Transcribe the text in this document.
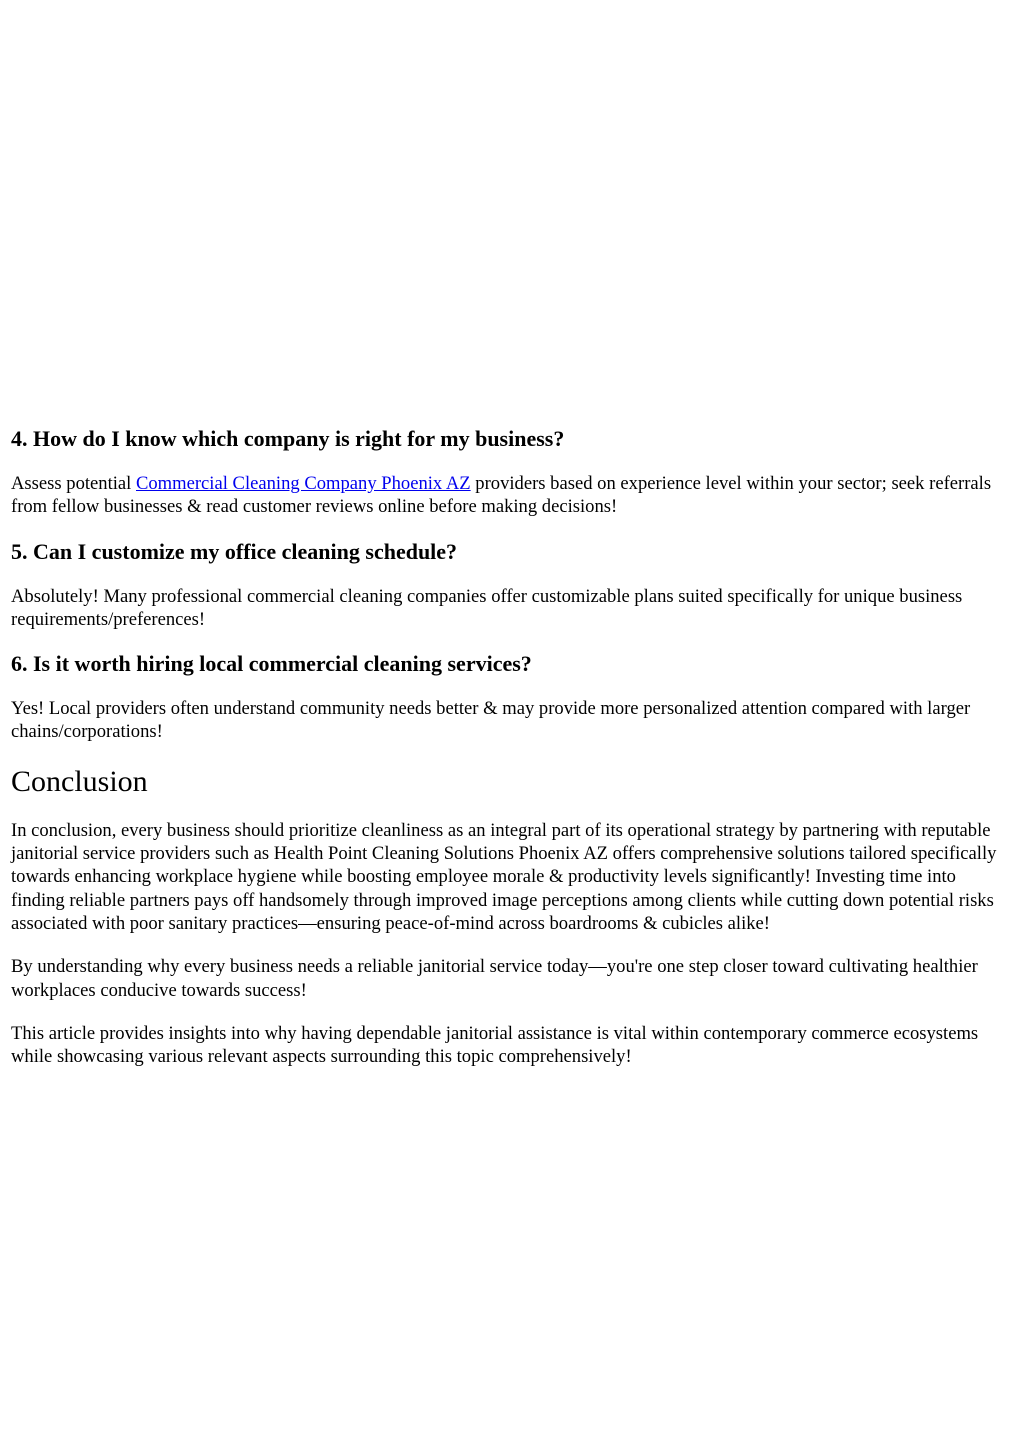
4. How do I know which company is right for my business?

Assess potential Commercial Cleaning Company Phoenix AZ providers based on experience level within your sector; seek referrals from fellow businesses & read customer reviews online before making decisions!

5. Can I customize my office cleaning schedule?

Absolutely! Many professional commercial cleaning companies offer customizable plans suited specifically for unique business requirements/preferences!

6. Is it worth hiring local commercial cleaning services?

Yes! Local providers often understand community needs better & may provide more personalized attention compared with larger chains/corporations!

Conclusion

In conclusion, every business should prioritize cleanliness as an integral part of its operational strategy by partnering with reputable janitorial service providers such as Health Point Cleaning Solutions Phoenix AZ offers comprehensive solutions tailored specifically towards enhancing workplace hygiene while boosting employee morale & productivity levels significantly! Investing time into finding reliable partners pays off handsomely through improved image perceptions among clients while cutting down potential risks associated with poor sanitary practices—ensuring peace-of-mind across boardrooms & cubicles alike!

By understanding why every business needs a reliable janitorial service today—you're one step closer toward cultivating healthier workplaces conducive towards success!

This article provides insights into why having dependable janitorial assistance is vital within contemporary commerce ecosystems while showcasing various relevant aspects surrounding this topic comprehensively!
